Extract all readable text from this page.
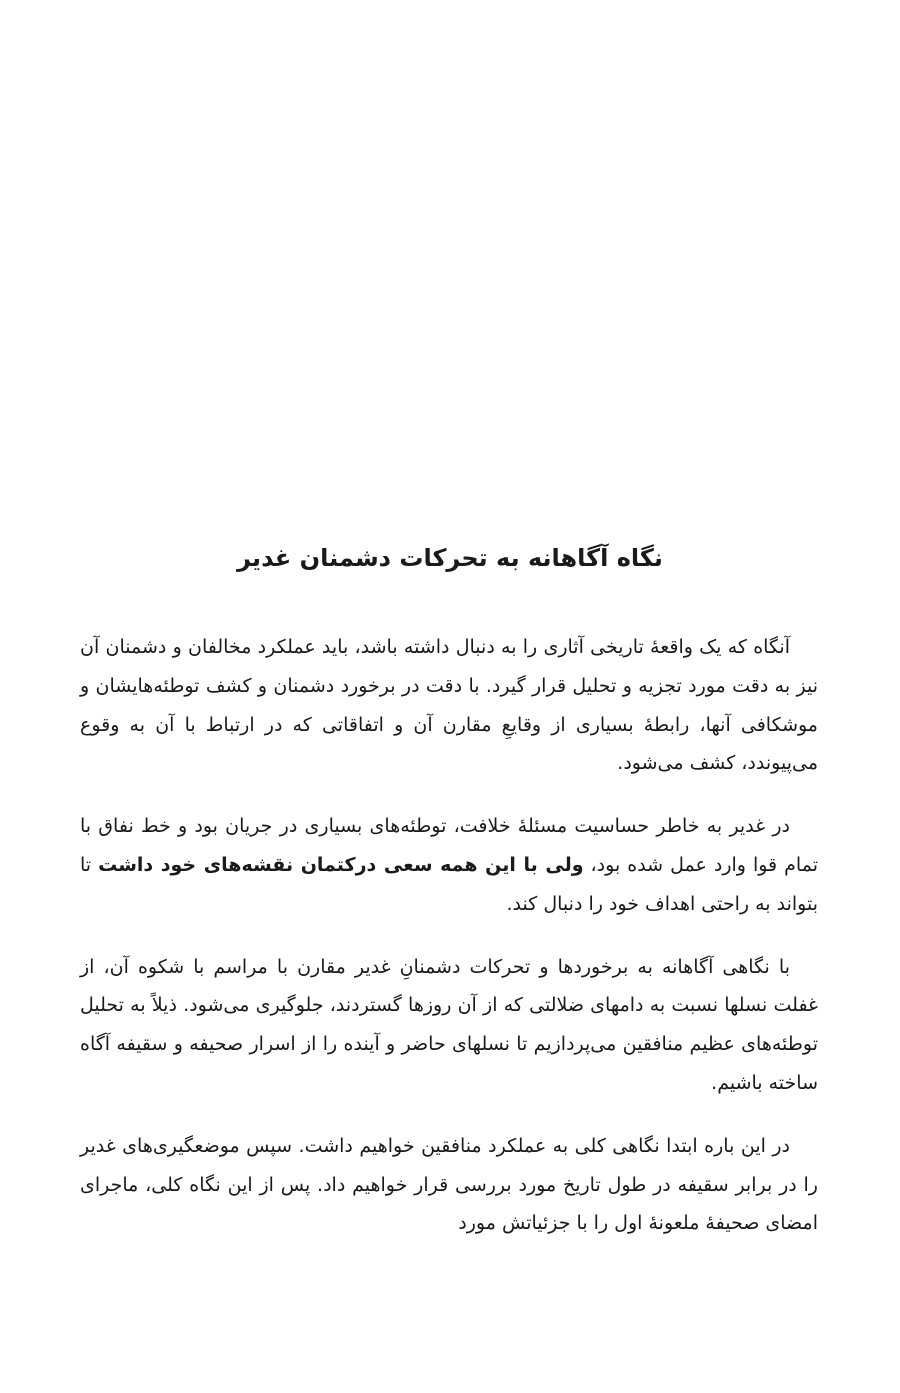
نگاه آگاهانه به تحرکات دشمنان غدیر

آنگاه که یک واقعهٔ تاریخی آثاری را به دنبال داشته باشد، باید عملکرد مخالفان و دشمنان آن نیز به دقت مورد تجزیه و تحلیل قرار گیرد. با دقت در برخورد دشمنان و کشف توطئه‌هایشان و موشکافی آنها، رابطهٔ بسیاری از وقایعِ مقارن آن و اتفاقاتی که در ارتباط با آن به وقوع می‌پیوندد، کشف می‌شود.

در غدیر به خاطر حساسیت مسئلهٔ خلافت، توطئه‌های بسیاری در جریان بود و خط نفاق با تمام قوا وارد عمل شده بود، ولی با این همه سعی درکتمان نقشه‌های خود داشت تا بتواند به راحتی اهداف خود را دنبال کند.

با نگاهی آگاهانه به برخوردها و تحرکات دشمنانِ غدیر مقارن با مراسم با شکوه آن، از غفلت نسلها نسبت به دامهای ضلالتی که از آن روزها گستردند، جلوگیری می‌شود. ذیلاً به تحلیل توطئه‌های عظیم منافقین می‌پردازیم تا نسلهای حاضر و آینده را از اسرار صحیفه و سقیفه آگاه ساخته باشیم.

در این باره ابتدا نگاهی کلی به عملکرد منافقین خواهیم داشت. سپس موضعگیری‌های غدیر را در برابر سقیفه در طول تاریخ مورد بررسی قرار خواهیم داد. پس از این نگاه کلی، ماجرای امضای صحیفهٔ ملعونهٔ اول را با جزئیاتش مورد
